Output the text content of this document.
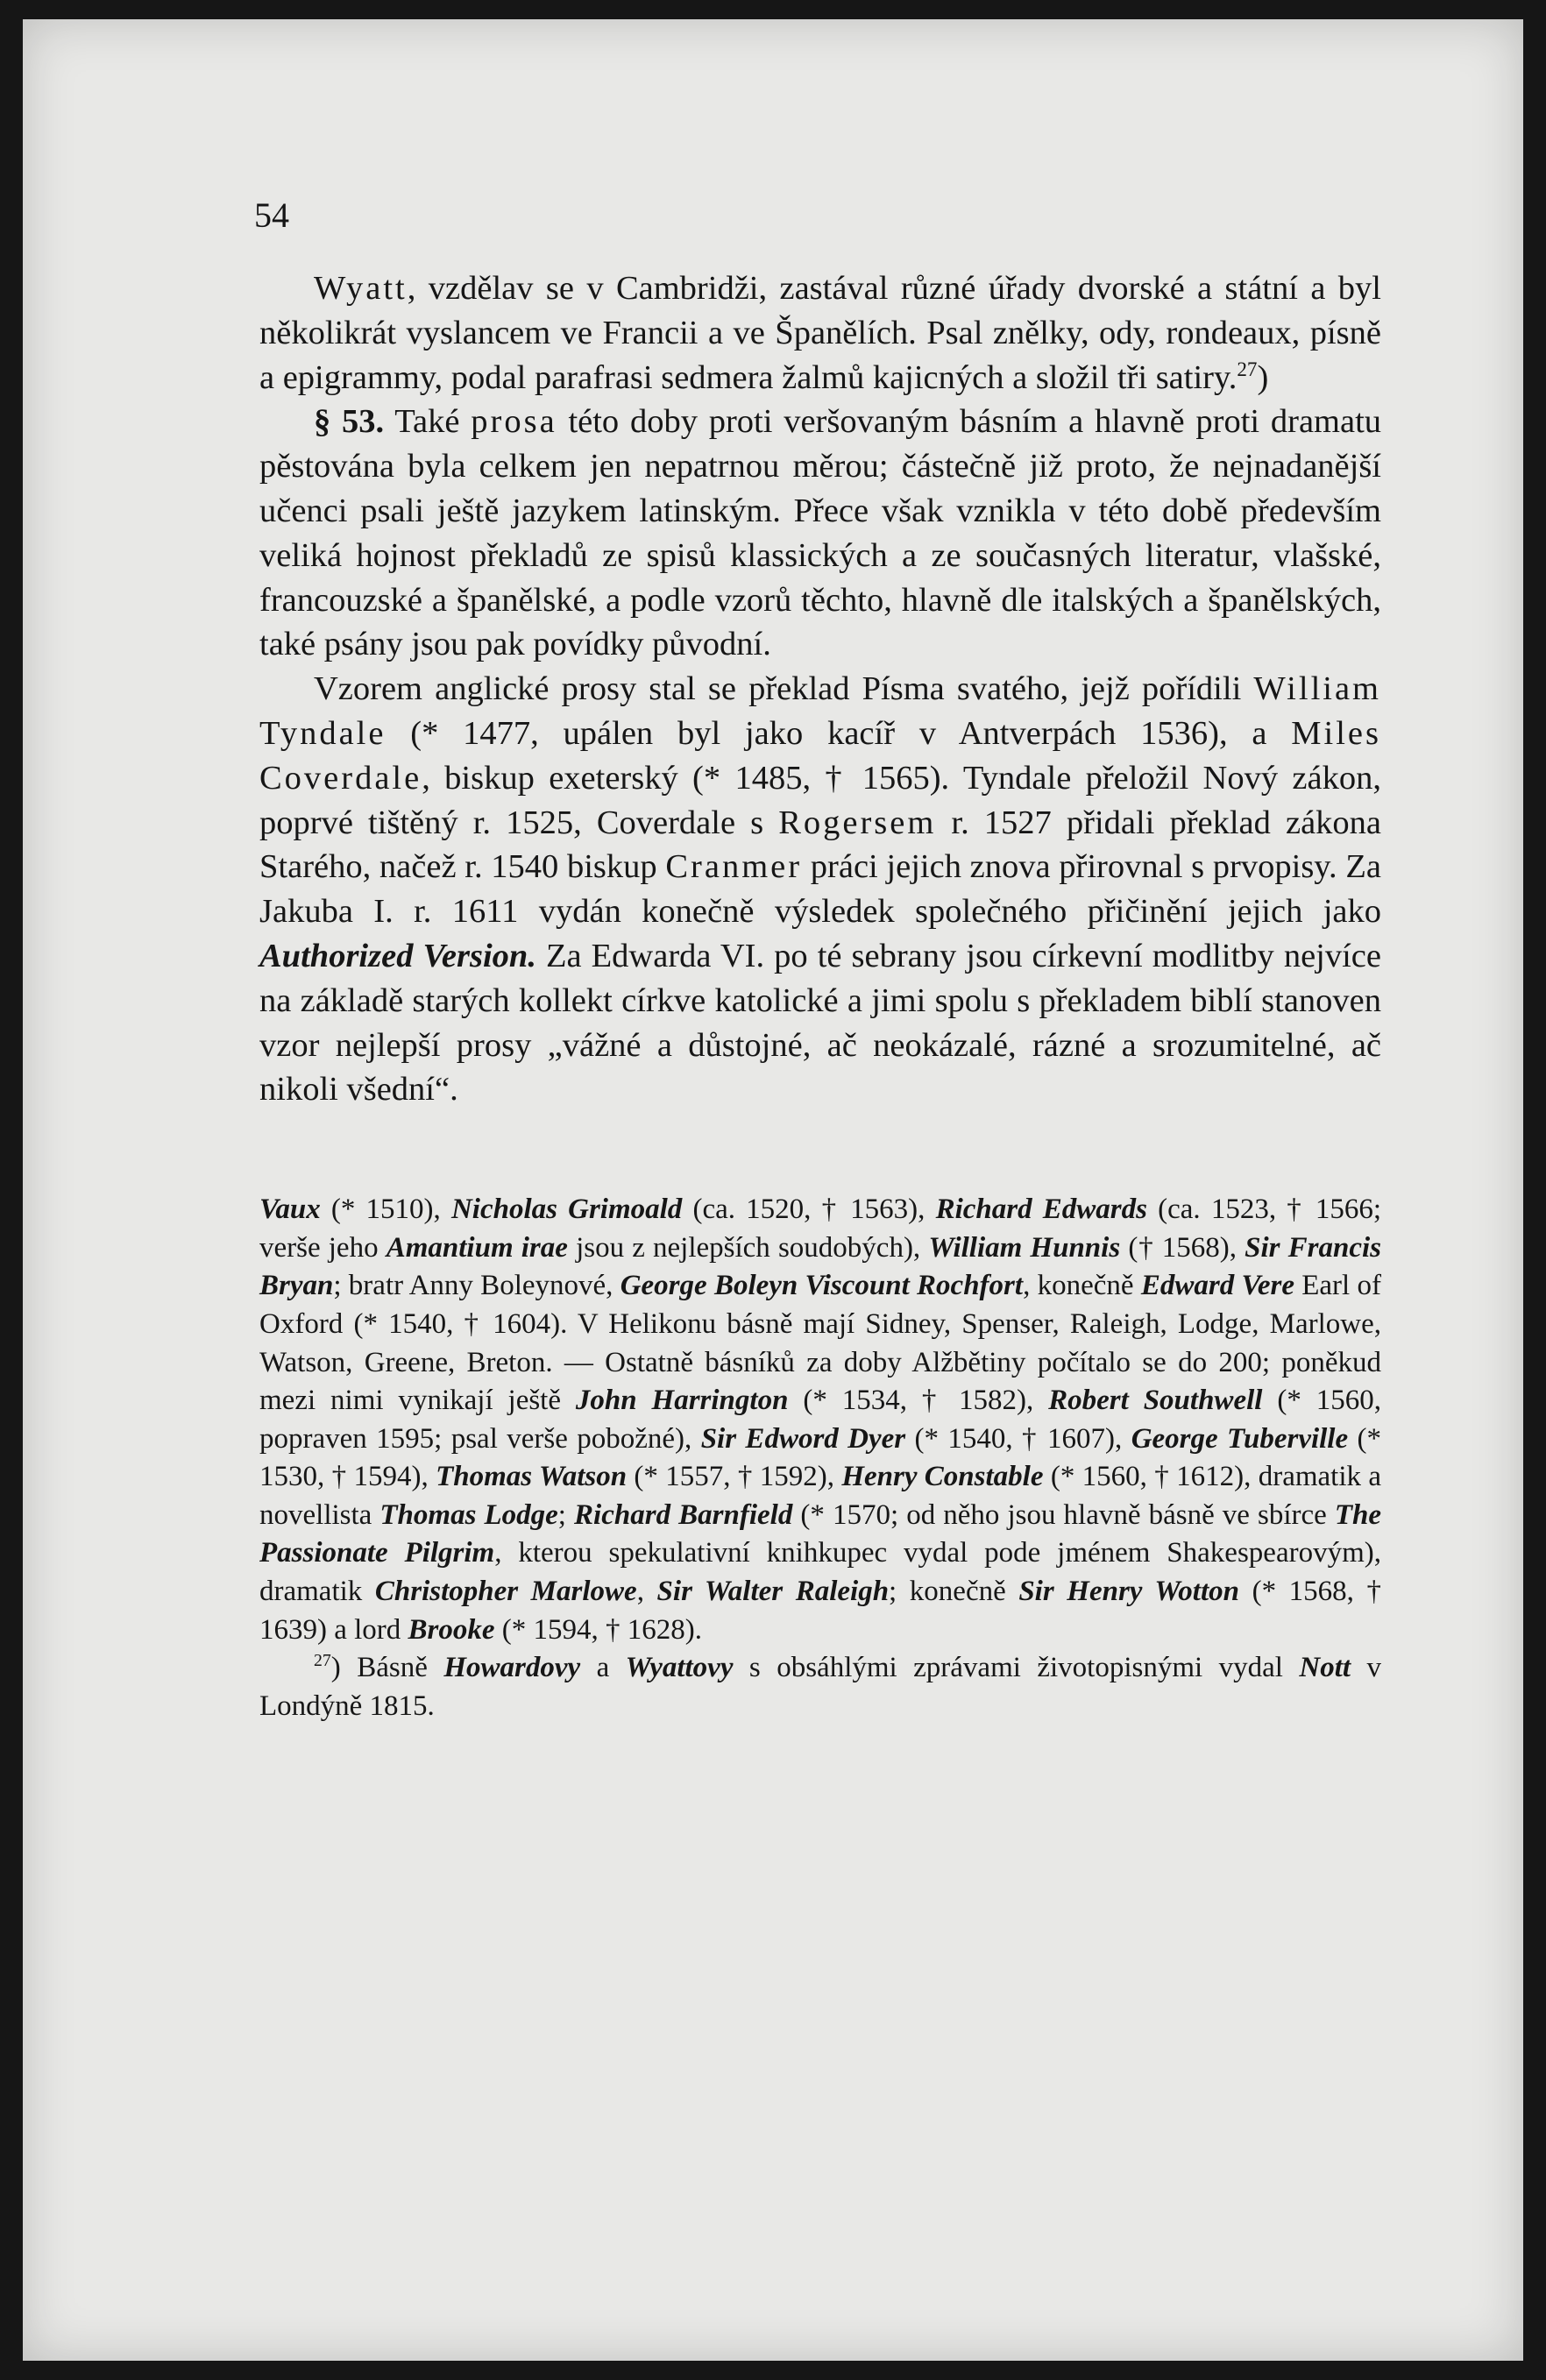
54

Wyatt, vzdělav se v Cambridži, zastával různé úřady dvorské a státní a byl několikrát vyslancem ve Francii a ve Španělích. Psal znělky, ody, rondeaux, písně a epigrammy, podal parafrasi sedmera žalmů kajicných a složil tři satiry.$^{27}$)

§ 53. Také prosa této doby proti veršovaným básním a hlavně proti dramatu pěstována byla celkem jen nepatrnou měrou; částečně již proto, že nejnadanější učenci psali ještě jazykem latinským. Přece však vznikla v této době především veliká hojnost překladů ze spisů klassických a ze současných literatur, vlašské, francouzské a španělské, a podle vzorů těchto, hlavně dle italských a španělských, také psány jsou pak povídky původní.

Vzorem anglické prosy stal se překlad Písma svatého, jejž pořídili William Tyndale (* 1477, upálen byl jako kacíř v Antverpách 1536), a Miles Coverdale, biskup exeterský (* 1485, † 1565). Tyndale přeložil Nový zákon, poprvé tištěný r. 1525, Coverdale s Rogersem r. 1527 přidali překlad zákona Starého, načež r. 1540 biskup Cranmer práci jejich znova přirovnal s prvopisy. Za Jakuba I. r. 1611 vydán konečně výsledek společného přičinění jejich jako Authorized Version. Za Edwarda VI. po té sebrany jsou církevní modlitby nejvíce na základě starých kollekt církve katolické a jimi spolu s překladem biblí stanoven vzor nejlepší prosy „vážné a důstojné, ač neokázalé, rázné a srozumitelné, ač nikoli všední“.

Vaux (* 1510), Nicholas Grimoald (ca. 1520, † 1563), Richard Edwards (ca. 1523, † 1566; verše jeho Amantium irae jsou z nejlepších soudobých), William Hunnis († 1568), Sir Francis Bryan; bratr Anny Boleynové, George Boleyn Viscount Rochfort, konečně Edward Vere Earl of Oxford (* 1540, † 1604). V Helikonu básně mají Sidney, Spenser, Raleigh, Lodge, Marlowe, Watson, Greene, Breton. — Ostatně básníků za doby Alžbětiny počítalo se do 200; poněkud mezi nimi vynikají ještě John Harrington (* 1534, † 1582), Robert Southwell (* 1560, popraven 1595; psal verše pobožné), Sir Edword Dyer (* 1540, † 1607), George Tuberville (* 1530, † 1594), Thomas Watson (* 1557, † 1592), Henry Constable (* 1560, † 1612), dramatik a novellista Thomas Lodge; Richard Barnfield (* 1570; od něho jsou hlavně básně ve sbírce The Passionate Pilgrim, kterou spekulativní knihkupec vydal pode jménem Shakespearovým), dramatik Christopher Marlowe, Sir Walter Raleigh; konečně Sir Henry Wotton (* 1568, † 1639) a lord Brooke (* 1594, † 1628).

$^{27}$) Básně Howardovy a Wyattovy s obsáhlými zprávami životopisnými vydal Nott v Londýně 1815.
